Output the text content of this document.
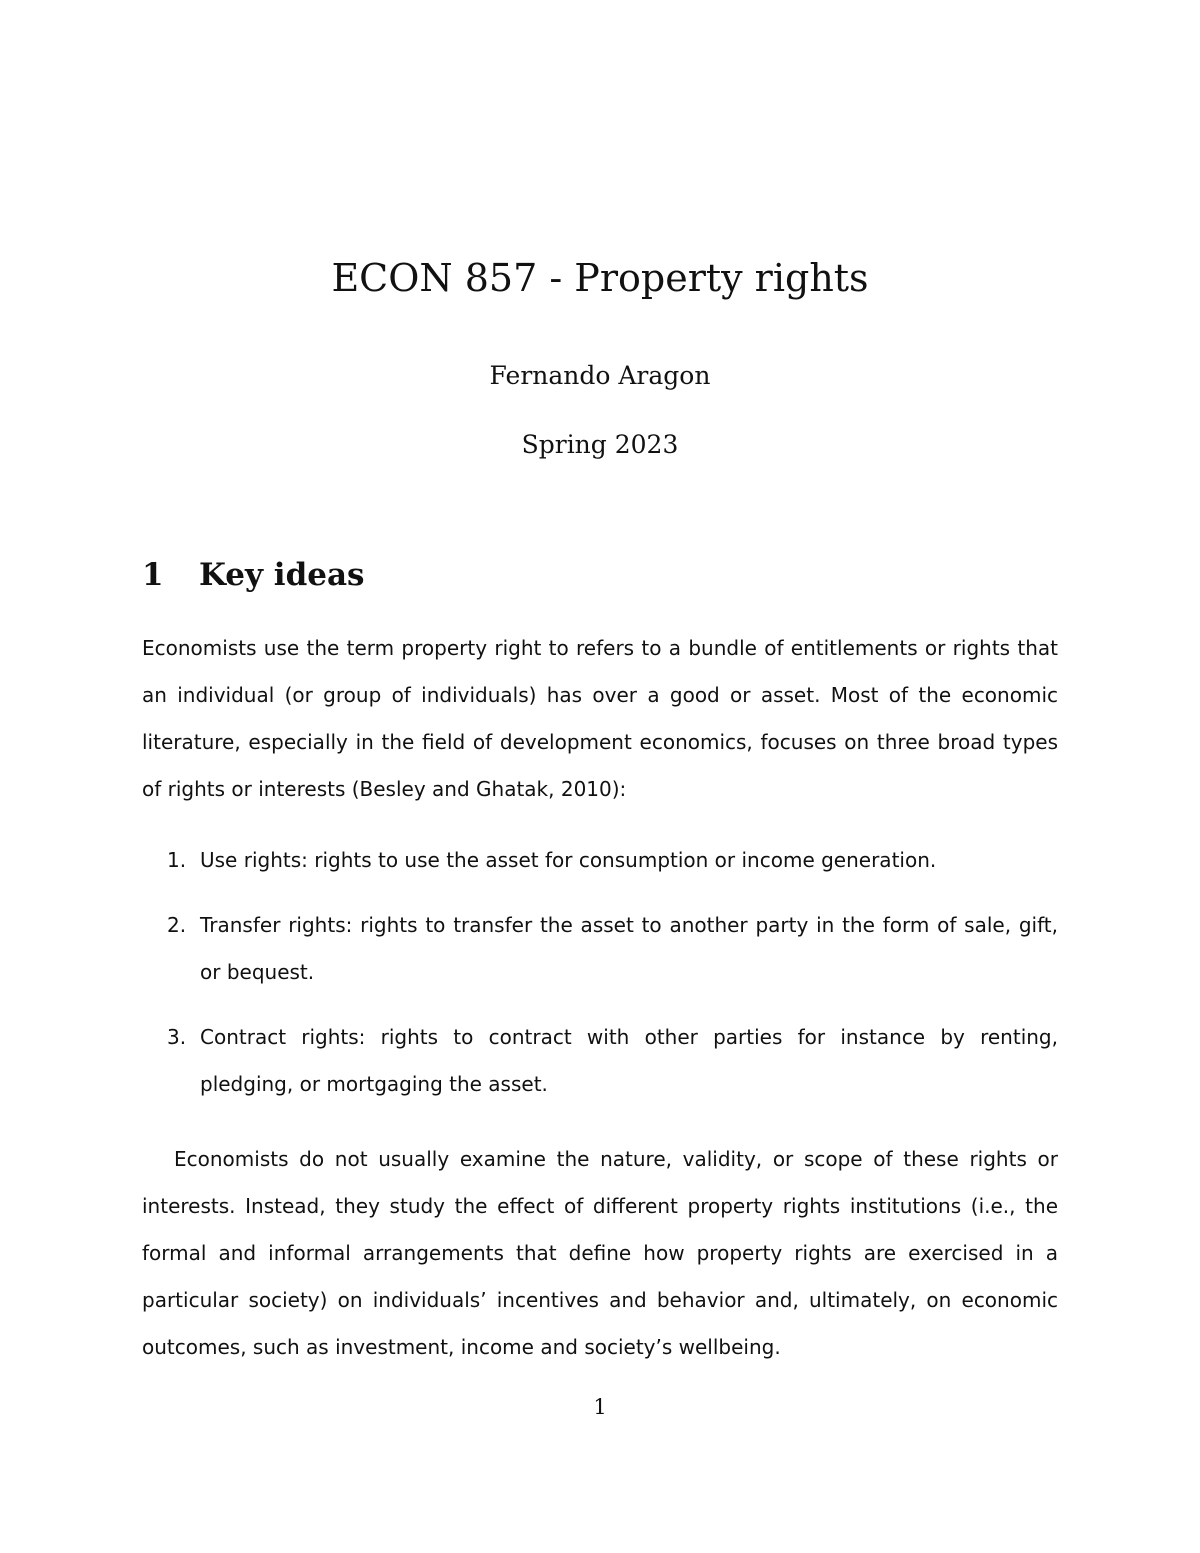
ECON 857 - Property rights
Fernando Aragon
Spring 2023
1 Key ideas

Economists use the term property right to refers to a bundle of entitlements or rights that an individual (or group of individuals) has over a good or asset. Most of the economic literature, especially in the field of development economics, focuses on three broad types of rights or interests (Besley and Ghatak, 2010):

1. Use rights: rights to use the asset for consumption or income generation.
2. Transfer rights: rights to transfer the asset to another party in the form of sale, gift, or bequest.
3. Contract rights: rights to contract with other parties for instance by renting, pledging, or mortgaging the asset.

Economists do not usually examine the nature, validity, or scope of these rights or interests. Instead, they study the effect of different property rights institutions (i.e., the formal and informal arrangements that define how property rights are exercised in a particular society) on individuals’ incentives and behavior and, ultimately, on economic outcomes, such as investment, income and society’s wellbeing.

1
